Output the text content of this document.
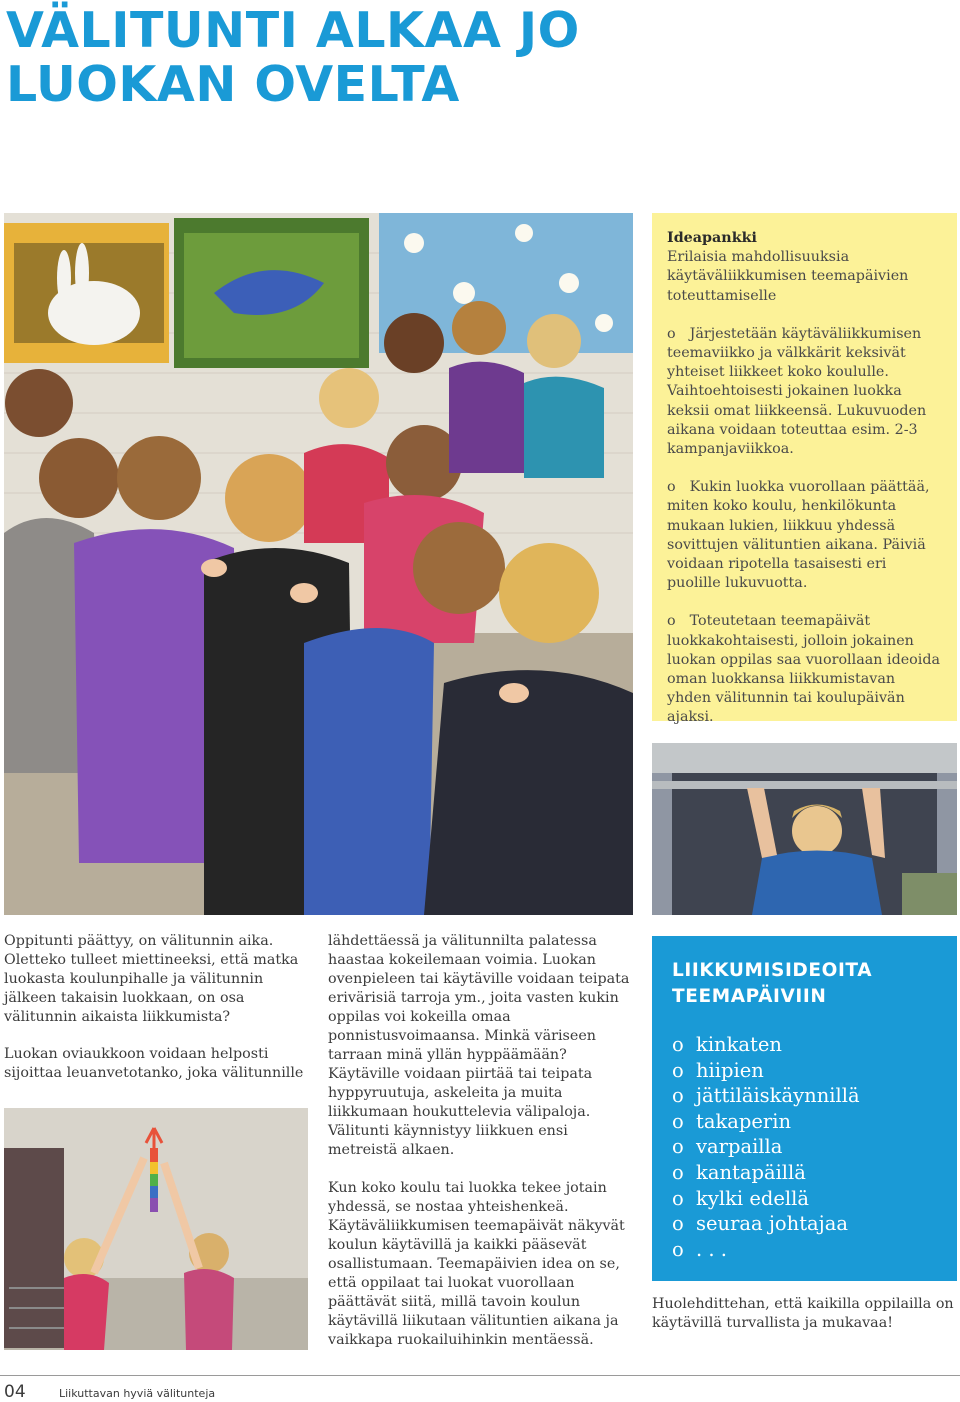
VÄLITUNTI ALKAA JO
LUOKAN OVELTA
Ideapankki
Erilaisia mahdollisuuksia käytäväliikkumisen teemapäivien toteuttamiselle
o Järjestetään käytäväliikkumisen teemaviikko ja välkkärit keksivät yhteiset liikkeet koko koululle. Vaihtoehtoisesti jokainen luokka keksii omat liikkeensä. Lukuvuoden aikana voidaan toteuttaa esim. 2-3 kampanjaviikkoa.
o Kukin luokka vuorollaan päättää, miten koko koulu, henkilökunta mukaan lukien, liikkuu yhdessä sovittujen välituntien aikana. Päiviä voidaan ripotella tasaisesti eri puolille lukuvuotta.
o Toteutetaan teemapäivät luokkakohtaisesti, jolloin jokainen luokan oppilas saa vuorollaan ideoida oman luokkansa liikkumistavan yhden välitunnin tai koulupäivän ajaksi.

Oppitunti päättyy, on välitunnin aika. Oletteko tulleet miettineeksi, että matka luokasta koulunpihalle ja välitunnin jälkeen takaisin luokkaan, on osa välitunnin aikaista liikkumista?

Luokan oviaukkoon voidaan helposti sijoittaa leuanvetotanko, joka välitunnille

lähdettäessä ja välitunnilta palatessa haastaa kokeilemaan voimia. Luokan ovenpieleen tai käytäville voidaan teipata erivärisiä tarroja ym., joita vasten kukin oppilas voi kokeilla omaa ponnistusvoimaansa. Minkä väriseen tarraan minä yllän hyppäämään? Käytäville voidaan piirtää tai teipata hyppyruutuja, askeleita ja muita liikkumaan houkuttelevia välipaloja. Välitunti käynnistyy liikkuen ensi metreistä alkaen.

Kun koko koulu tai luokka tekee jotain yhdessä, se nostaa yhteishenkeä. Käytäväliikkumisen teemapäivät näkyvät koulun käytävillä ja kaikki pääsevät osallistumaan. Teemapäivien idea on se, että oppilaat tai luokat vuorollaan päättävät siitä, millä tavoin koulun käytävillä liikutaan välituntien aikana ja vaikkapa ruokailuihinkin mentäessä.

LIIKKUMISIDEOITA
TEEMAPÄIVIIN
o kinkaten
o hiipien
o jättiläiskäynnillä
o takaperin
o varpailla
o kantapäillä
o kylki edellä
o seuraa johtajaa
o . . .
Huolehdittehan, että kaikilla oppilailla on käytävillä turvallista ja mukavaa!
04	Liikuttavan hyviä välitunteja
